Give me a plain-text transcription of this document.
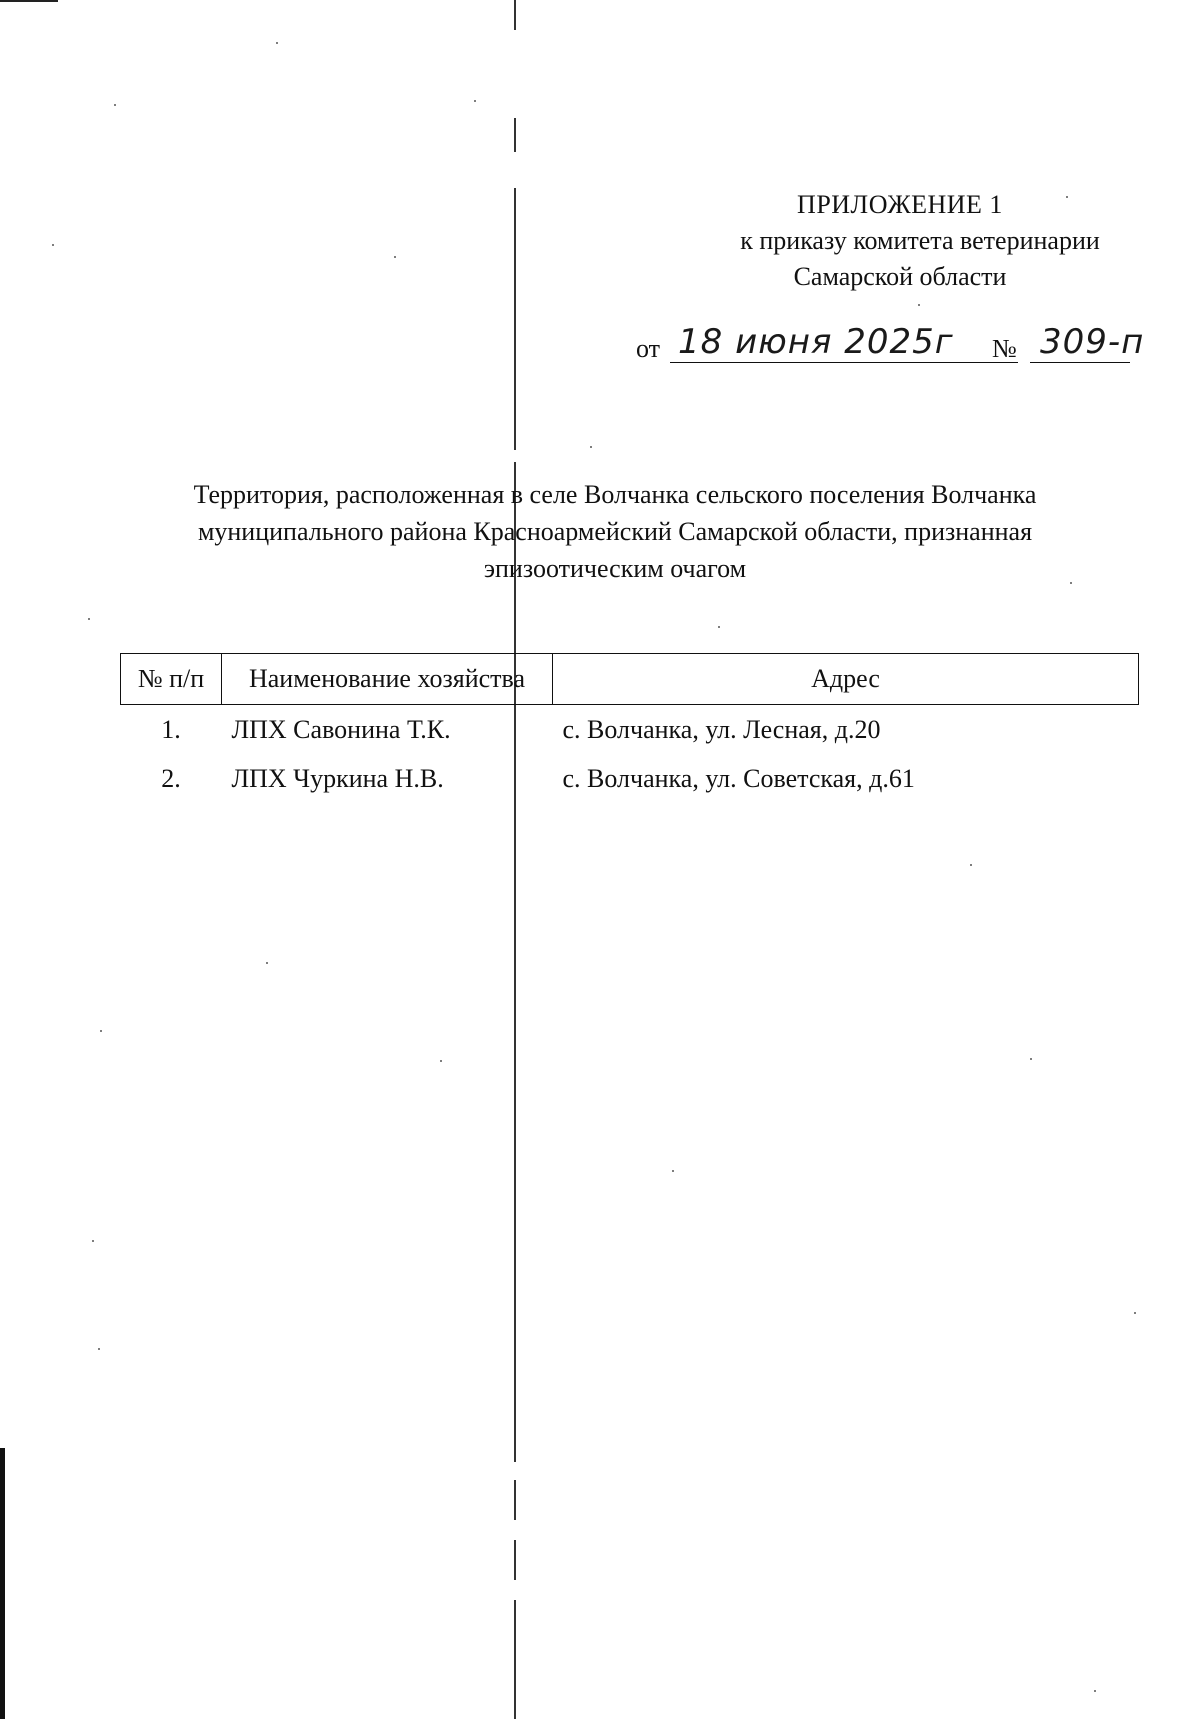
ПРИЛОЖЕНИЕ 1
к приказу комитета ветеринарии
Самарской области
от 18 июня 2025г № 309-п
Территория, расположенная в селе Волчанка сельского поселения Волчанка
муниципального района Красноармейский Самарской области, признанная
эпизоотическим очагом
№ п/п	Наименование хозяйства	Адрес
1.	ЛПХ Савонина Т.К.	с. Волчанка, ул. Лесная, д.20
2.	ЛПХ Чуркина Н.В.	с. Волчанка, ул. Советская, д.61
